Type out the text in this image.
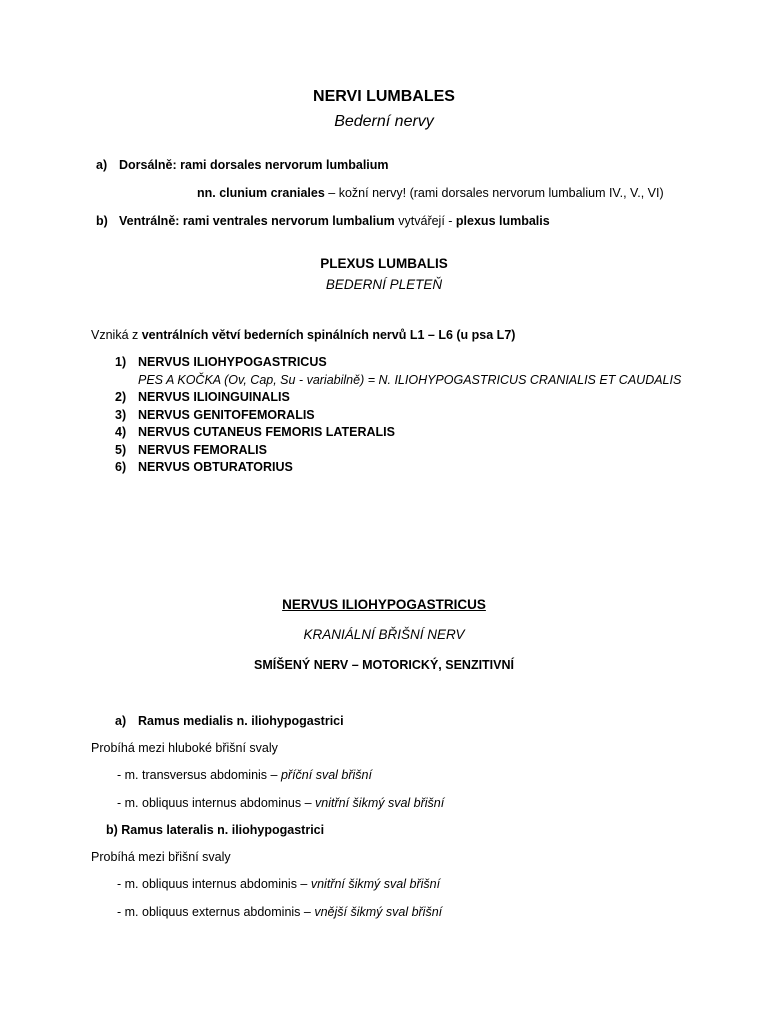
NERVI LUMBALES
Bederní nervy
a) Dorsálně: rami dorsales nervorum lumbalium
nn. clunium craniales – kožní nervy! (rami dorsales nervorum lumbalium IV., V., VI)
b) Ventrálně: rami ventrales nervorum lumbalium vytvářejí - plexus lumbalis
PLEXUS LUMBALIS
BEDERNÍ PLETEŇ
Vzniká z ventrálních větví bederních spinálních nervů L1 – L6 (u psa L7)
1) NERVUS ILIOHYPOGASTRICUS
PES A KOČKA (Ov, Cap, Su - variabilně) = N. ILIOHYPOGASTRICUS CRANIALIS ET CAUDALIS
2) NERVUS ILIOINGUINALIS
3) NERVUS GENITOFEMORALIS
4) NERVUS CUTANEUS FEMORIS LATERALIS
5) NERVUS FEMORALIS
6) NERVUS OBTURATORIUS
NERVUS ILIOHYPOGASTRICUS
KRANIÁLNÍ BŘIŠNÍ NERV
SMÍŠENÝ NERV – MOTORICKÝ, SENZITIVNÍ
a) Ramus medialis n. iliohypogastrici
Probíhá mezi hluboké břišní svaly
- m. transversus abdominis – příční sval břišní
- m. obliquus internus abdominus – vnitřní šikmý sval břišní
b) Ramus lateralis n. iliohypogastrici
Probíhá mezi břišní svaly
- m. obliquus internus abdominis – vnitřní šikmý sval břišní
- m. obliquus externus abdominis – vnější šikmý sval břišní
